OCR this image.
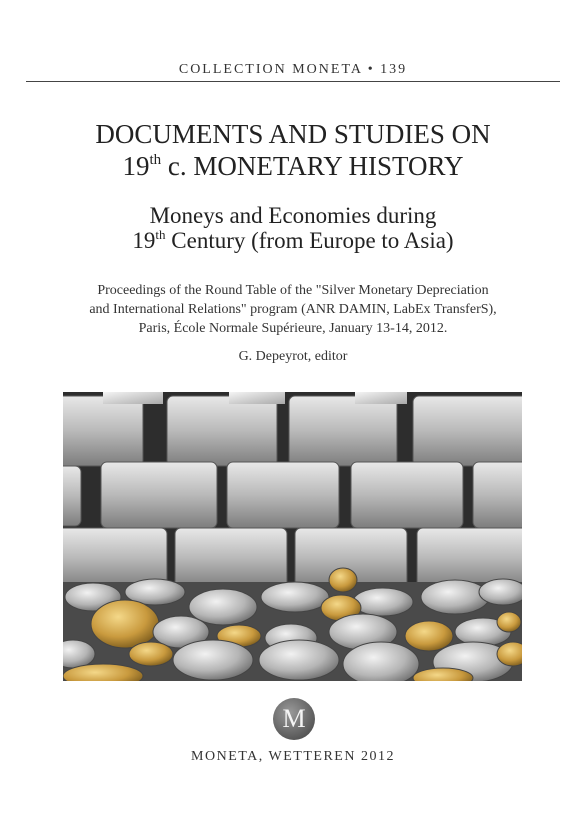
COLLECTION MONETA • 139
DOCUMENTS AND STUDIES ON
19th c. MONETARY HISTORY
Moneys and Economies during
19th Century (from Europe to Asia)
Proceedings of the Round Table of the "Silver Monetary Depreciation
and International Relations" program (ANR DAMIN, LabEx TransferS),
Paris, École Normale Supérieure, January 13-14, 2012.
G. Depeyrot, editor
M
MONETA, WETTEREN 2012
